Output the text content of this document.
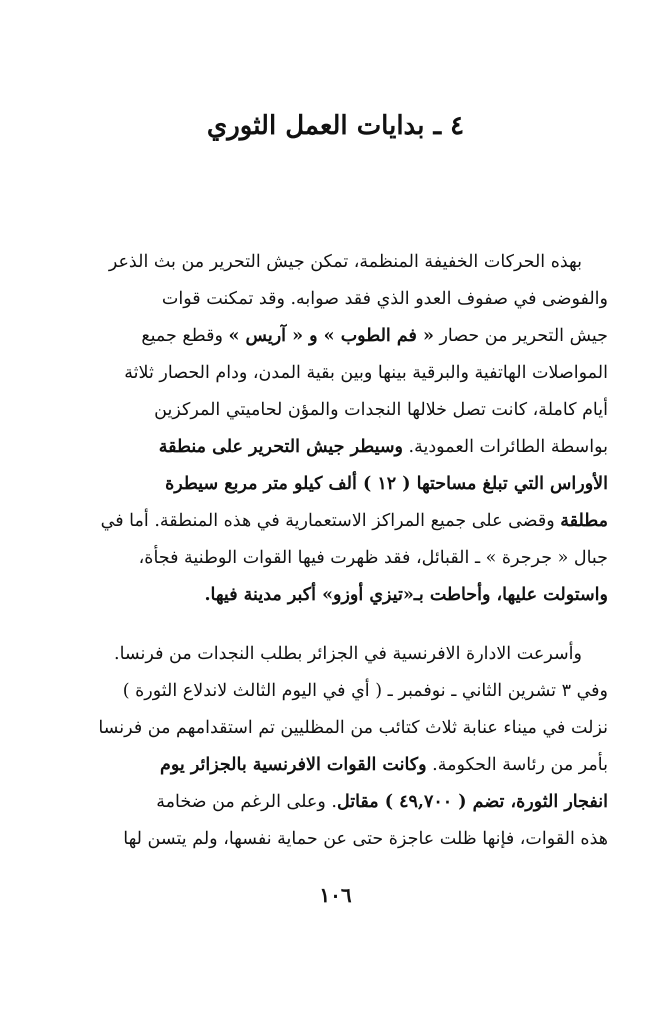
٤ ـ بدايات العمل الثوري
بهذه الحركات الخفيفة المنظمة، تمكن جيش التحرير من بث الذعر
والفوضى في صفوف العدو الذي فقد صوابه. وقد تمكنت قوات
جيش التحرير من حصار « فم الطوب » و « آريس » وقطع جميع
المواصلات الهاتفية والبرقية بينها وبين بقية المدن، ودام الحصار ثلاثة
أيام كاملة، كانت تصل خلالها النجدات والمؤن لحاميتي المركزين
بواسطة الطائرات العمودية. وسيطر جيش التحرير على منطقة
الأوراس التي تبلغ مساحتها ( ١٢ ) ألف كيلو متر مربع سيطرة
مطلقة وقضى على جميع المراكز الاستعمارية في هذه المنطقة. أما في
جبال « جرجرة » ـ القبائل، فقد ظهرت فيها القوات الوطنية فجأة،
واستولت عليها، وأحاطت بـ«تيزي أوزو» أكبر مدينة فيها.
وأسرعت الادارة الافرنسية في الجزائر بطلب النجدات من فرنسا.
وفي ٣ تشرين الثاني ـ نوفمبر ـ ( أي في اليوم الثالث لاندلاع الثورة )
نزلت في ميناء عنابة ثلاث كتائب من المظليين تم استقدامهم من فرنسا
بأمر من رئاسة الحكومة. وكانت القوات الافرنسية بالجزائر يوم
انفجار الثورة، تضم ( ٤٩,٧٠٠ ) مقاتل. وعلى الرغم من ضخامة
هذه القوات، فإنها ظلت عاجزة حتى عن حماية نفسها، ولم يتسن لها
١٠٦
